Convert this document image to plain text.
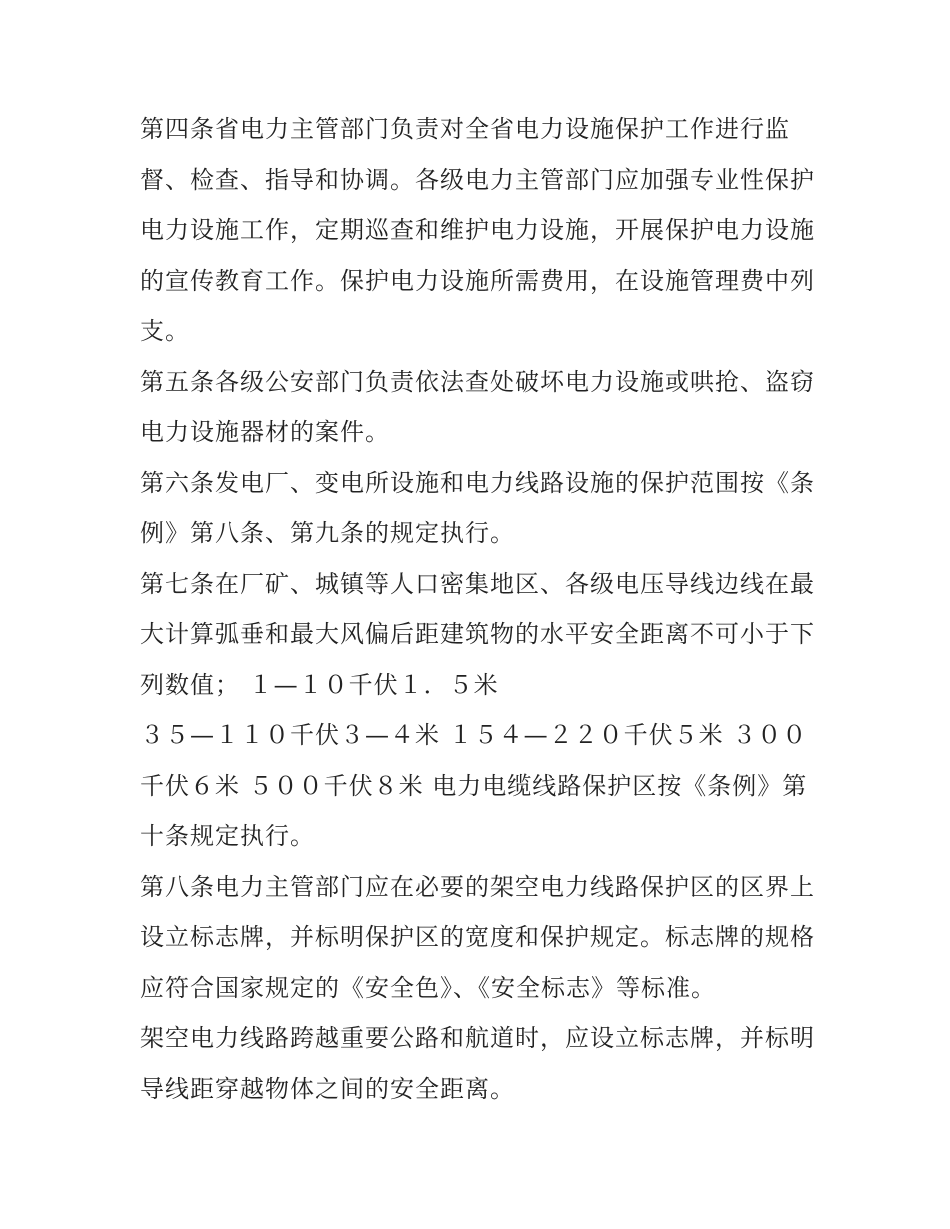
第四条省电力主管部门负责对全省电力设施保护工作进行监
督、检查、指导和协调。各级电力主管部门应加强专业性保护
电力设施工作，定期巡查和维护电力设施，开展保护电力设施
的宣传教育工作。保护电力设施所需费用，在设施管理费中列
支。
第五条各级公安部门负责依法查处破坏电力设施或哄抢、盗窃
电力设施器材的案件。
第六条发电厂、变电所设施和电力线路设施的保护范围按《条
例》第八条、第九条的规定执行。
第七条在厂矿、城镇等人口密集地区、各级电压导线边线在最
大计算弧垂和最大风偏后距建筑物的水平安全距离不可小于下
列数值； １—１０千伏１．５米
３５—１１０千伏３—４米 １５４—２２０千伏５米 ３００
千伏６米 ５００千伏８米 电力电缆线路保护区按《条例》第
十条规定执行。
第八条电力主管部门应在必要的架空电力线路保护区的区界上
设立标志牌，并标明保护区的宽度和保护规定。标志牌的规格
应符合国家规定的《安全色》、《安全标志》等标准。
架空电力线路跨越重要公路和航道时，应设立标志牌，并标明
导线距穿越物体之间的安全距离。
